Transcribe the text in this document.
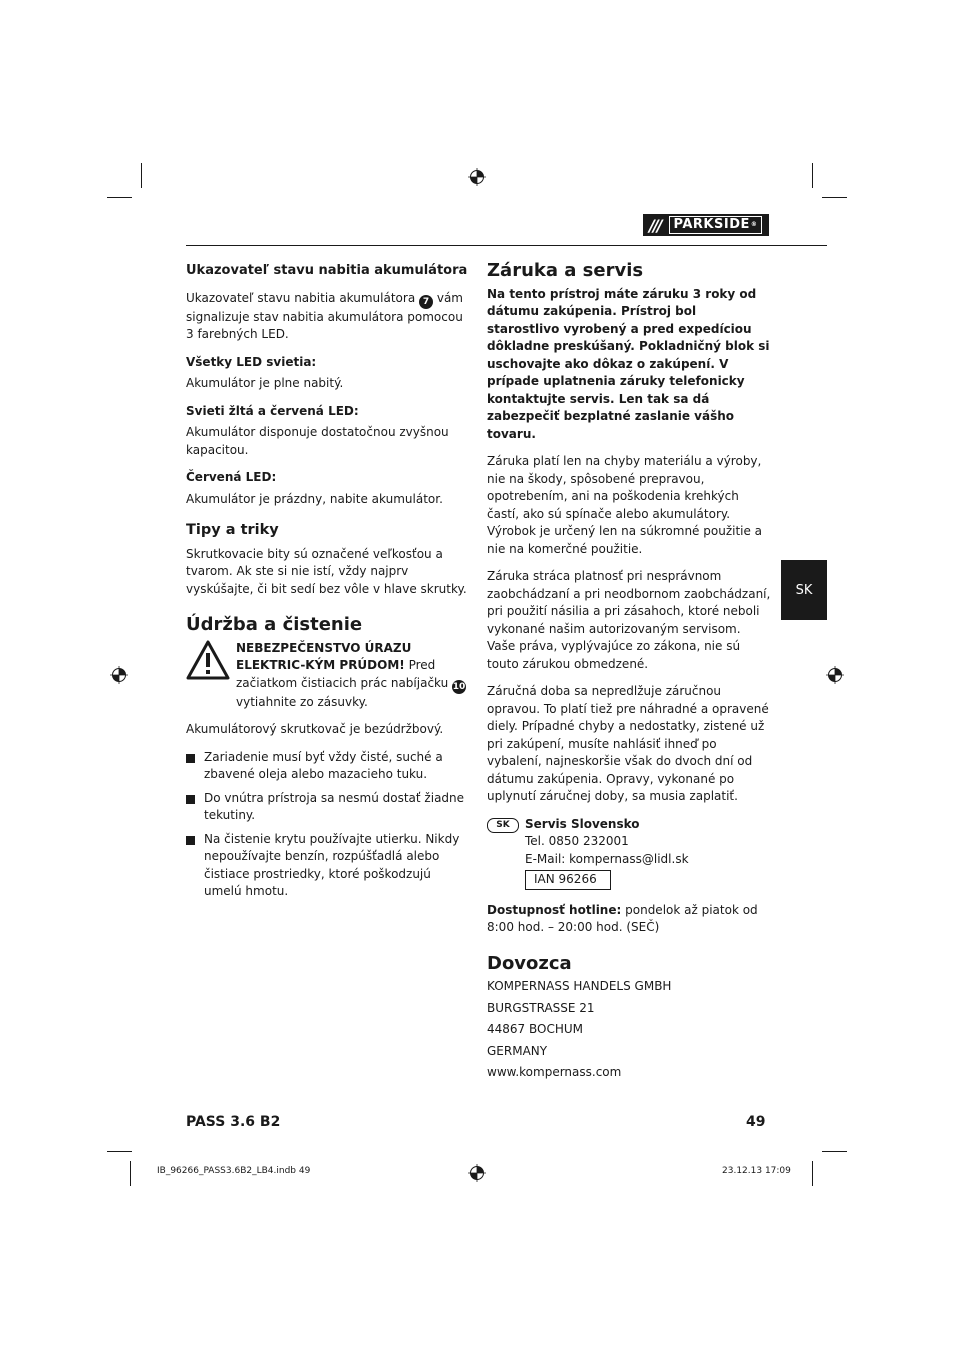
///	PARKSIDE®
Ukazovateľ stavu nabitia akumulátora

Ukazovateľ stavu nabitia akumulátora 7 vám signalizuje stav nabitia akumulátora pomocou 3 farebných LED.

Všetky LED svietia:

Akumulátor je plne nabitý.

Svieti žltá a červená LED:

Akumulátor disponuje dostatočnou zvyšnou kapacitou.

Červená LED:

Akumulátor je prázdny, nabite akumulátor.

Tipy a triky

Skrutkovacie bity sú označené veľkosťou a tvarom. Ak ste si nie istí, vždy najprv vyskúšajte, či bit sedí bez vôle v hlave skrutky.

Údržba a čistenie
NEBEZPEČENSTVO ÚRAZU ELEKTRIC-KÝM PRÚDOM! Pred začiatkom čistiacich prác nabíjačku 10 vytiahnite zo zásuvky.

Akumulátorový skrutkovač je bezúdržbový.

Zariadenie musí byť vždy čisté, suché a zbavené oleja alebo mazacieho tuku.
Do vnútra prístroja sa nesmú dostať žiadne tekutiny.
Na čistenie krytu používajte utierku. Nikdy nepoužívajte benzín, rozpúšťadlá alebo čistiace prostriedky, ktoré poškodzujú umelú hmotu.
Záruka a servis

Na tento prístroj máte záruku 3 roky od dátumu zakúpenia. Prístroj bol starostlivo vyrobený a pred expedíciou dôkladne preskúšaný. Pokladničný blok si uschovajte ako dôkaz o zakúpení. V prípade uplatnenia záruky telefonicky kontaktujte servis. Len tak sa dá zabezpečiť bezplatné zaslanie vášho tovaru.

Záruka platí len na chyby materiálu a výroby, nie na škody, spôsobené prepravou, opotrebením, ani na poškodenia krehkých častí, ako sú spínače alebo akumulátory. Výrobok je určený len na súkromné použitie a nie na komerčné použitie.

Záruka stráca platnosť pri nesprávnom zaobchádzaní a pri neodbornom zaobchádzaní, pri použití násilia a pri zásahoch, ktoré neboli vykonané našim autorizovaným servisom. Vaše práva, vyplývajúce zo zákona, nie sú touto zárukou obmedzené.

Záručná doba sa nepredlžuje záručnou opravou. To platí tiež pre náhradné a opravené diely. Prípadné chyby a nedostatky, zistené už pri zakúpení, musíte nahlásiť ihneď po vybalení, najneskoršie však do dvoch dní od dátumu zakúpenia. Opravy, vykonané po uplynutí záručnej doby, sa musia zaplatiť.

SK	Servis Slovensko
Tel. 0850 232001
E-Mail: kompernass@lidl.sk
IAN 96266

Dostupnosť hotline: pondelok až piatok od 8:00 hod. – 20:00 hod. (SEČ)

Dovozca

KOMPERNASS HANDELS GMBH

BURGSTRASSE 21

44867 BOCHUM

GERMANY

www.kompernass.com

SK
PASS 3.6 B2	49
IB_96266_PASS3.6B2_LB4.indb 49	23.12.13 17:09
